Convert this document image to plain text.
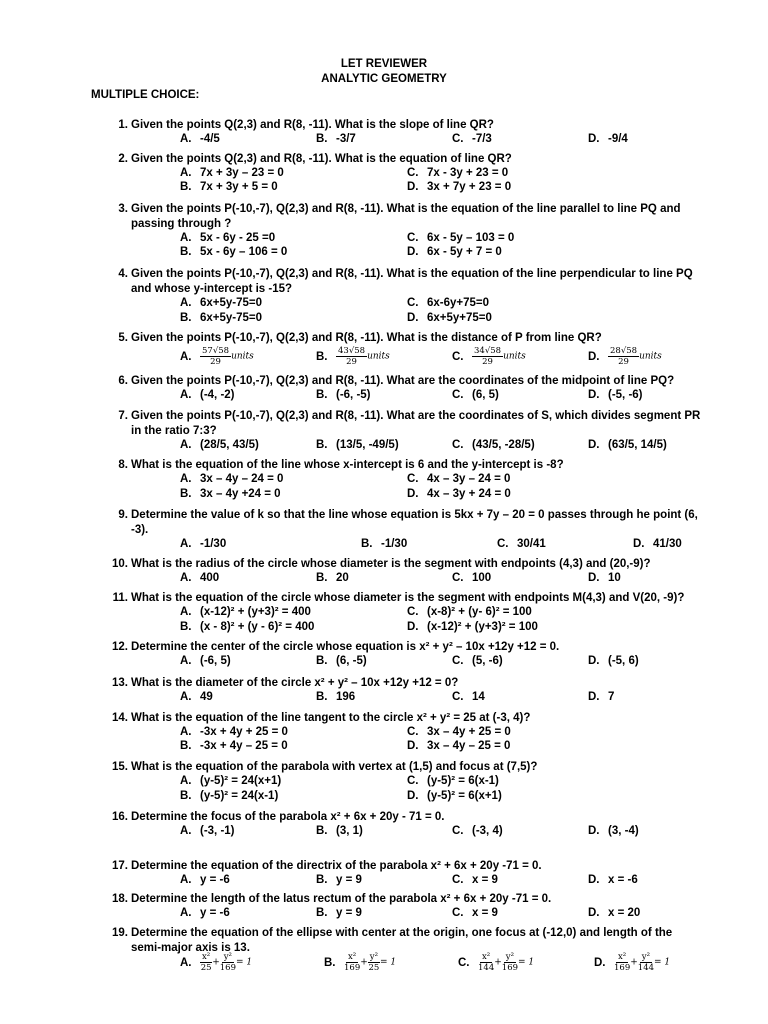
LET REVIEWER
ANALYTIC GEOMETRY
MULTIPLE CHOICE:
1. Given the points Q(2,3) and R(8, -11). What is the slope of line QR?
A. -4/5	B. -3/7	C. -7/3	D. -9/4
2. Given the points Q(2,3) and R(8, -11). What is the equation of line QR?
A. 7x + 3y – 23 = 0
B. 7x + 3y + 5 = 0
C. 7x - 3y + 23 = 0
D. 3x + 7y + 23 = 0
3. Given the points P(-10,-7), Q(2,3) and R(8, -11). What is the equation of the line parallel to line PQ and passing through ?
A. 5x - 6y - 25 =0
B. 5x - 6y – 106 = 0
C. 6x - 5y – 103 = 0
D. 6x - 5y + 7 = 0
4. Given the points P(-10,-7), Q(2,3) and R(8, -11). What is the equation of the line perpendicular to line PQ and whose y-intercept is -15?
A. 6x+5y-75=0
B. 6x+5y-75=0
C. 6x-6y+75=0
D. 6x+5y+75=0
5. Given the points P(-10,-7), Q(2,3) and R(8, -11). What is the distance of P from line QR?
A. $\frac{57√58}{29}$ units	B. $\frac{43√58}{29}$ units	C. $\frac{34√58}{29}$ units	D. $\frac{28√58}{29}$ units
6. Given the points P(-10,-7), Q(2,3) and R(8, -11). What are the coordinates of the midpoint of line PQ?
A. (-4, -2)	B. (-6, -5)	C. (6, 5)	D. (-5, -6)
7. Given the points P(-10,-7), Q(2,3) and R(8, -11). What are the coordinates of S, which divides segment PR in the ratio 7:3?
A. (28/5, 43/5)	B. (13/5, -49/5)	C. (43/5, -28/5)	D. (63/5, 14/5)
8. What is the equation of the line whose x-intercept is 6 and the y-intercept is -8?
A. 3x – 4y – 24 = 0
B. 3x – 4y +24 = 0
C. 4x – 3y – 24 = 0
D. 4x – 3y + 24 = 0
9. Determine the value of k so that the line whose equation is 5kx + 7y – 20 = 0 passes through he point (6, -3).
A. -1/30	B. -1/30	C. 30/41	D. 41/30
10. What is the radius of the circle whose diameter is the segment with endpoints (4,3) and (20,-9)?
A. 400	B. 20	C. 100	D. 10
11. What is the equation of the circle whose diameter is the segment with endpoints M(4,3) and V(20, -9)?
A. (x-12)² + (y+3)² = 400
B. (x - 8)² + (y - 6)² = 400
C. (x-8)² + (y- 6)² = 100
D. (x-12)² + (y+3)² = 100
12. Determine the center of the circle whose equation is x² + y² – 10x +12y +12 = 0.
A. (-6, 5)	B. (6, -5)	C. (5, -6)	D. (-5, 6)
13. What is the diameter of the circle x² + y² – 10x +12y +12 = 0?
A. 49	B. 196	C. 14	D. 7
14. What is the equation of the line tangent to the circle x² + y² = 25 at (-3, 4)?
A. -3x + 4y + 25 = 0
B. -3x + 4y – 25 = 0
C. 3x – 4y + 25 = 0
D. 3x – 4y – 25 = 0
15. What is the equation of the parabola with vertex at (1,5) and focus at (7,5)?
A. (y-5)² = 24(x+1)
B. (y-5)² = 24(x-1)
C. (y-5)² = 6(x-1)
D. (y-5)² = 6(x+1)
16. Determine the focus of the parabola x² + 6x + 20y - 71 = 0.
A. (-3, -1)	B. (3, 1)	C. (-3, 4)	D. (3, -4)
17. Determine the equation of the directrix of the parabola x² + 6x + 20y -71 = 0.
A. y = -6	B. y = 9	C. x = 9	D. x = -6
18. Determine the length of the latus rectum of the parabola x² + 6x + 20y -71 = 0.
A. y = -6	B. y = 9	C. x = 9	D. x = 20
19. Determine the equation of the ellipse with center at the origin, one focus at (-12,0) and length of the semi-major axis is 13.
A. $\frac{\text{x²}}{25} + \frac{\text{y²}}{169} = 1$	B. $\frac{\text{x²}}{169} + \frac{\text{y²}}{25} = 1$	C. $\frac{\text{x²}}{144} + \frac{\text{y²}}{169} = 1$	D. $\frac{\text{x²}}{169} + \frac{\text{y²}}{144} = 1$
